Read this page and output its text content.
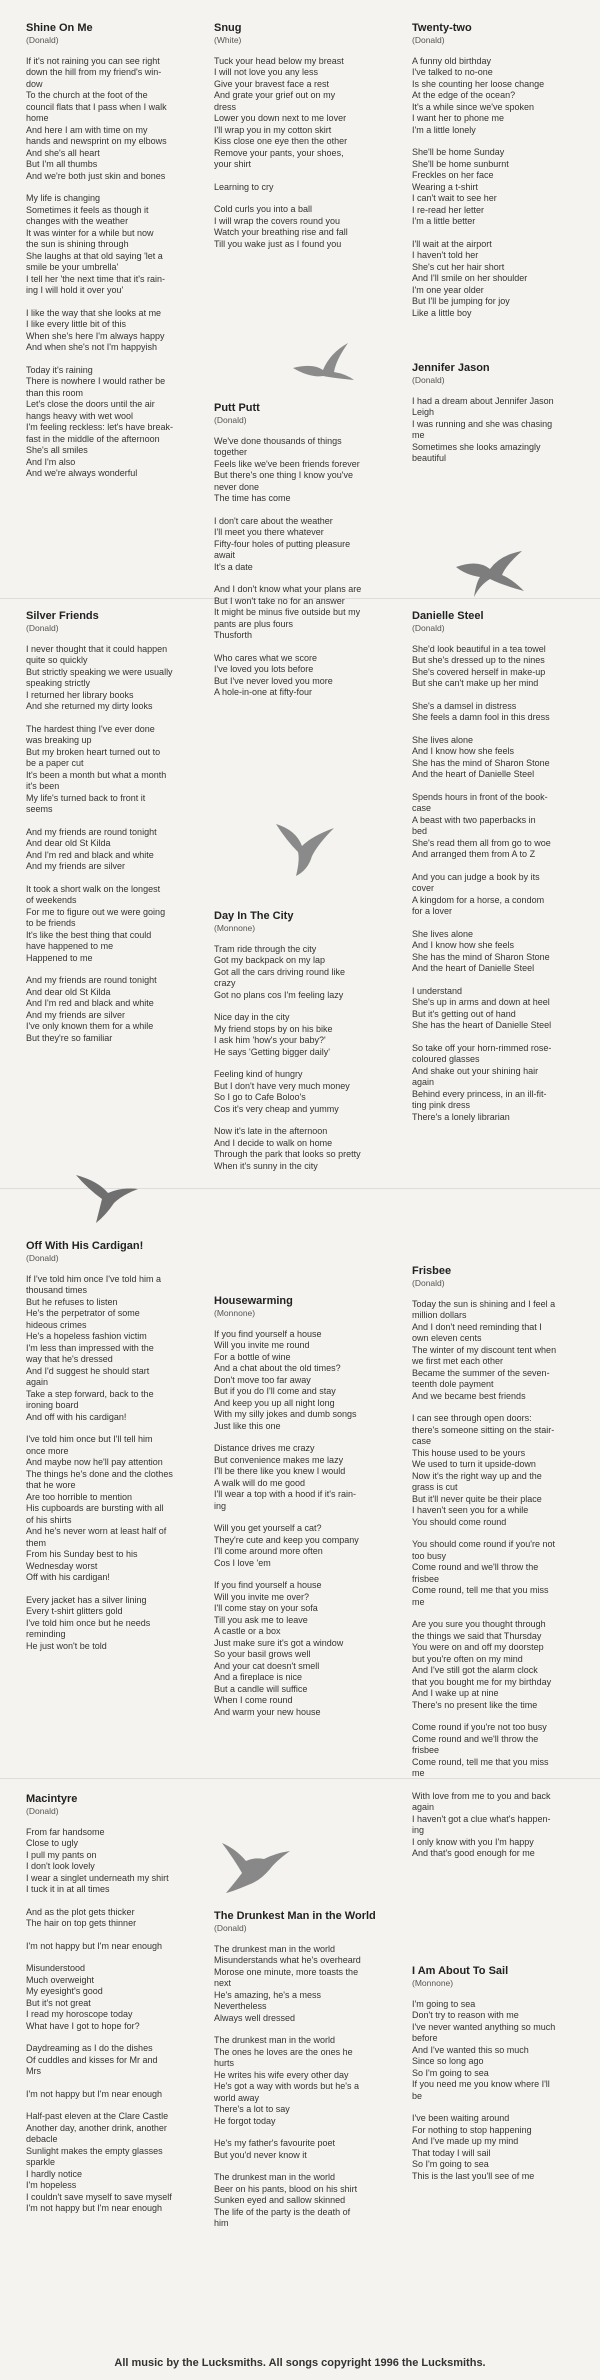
Shine On Me
(Donald)
If it's not raining you can see right
down the hill from my friend's win-
dow
To the church at the foot of the
council flats that I pass when I walk
home
And here I am with time on my
hands and newsprint on my elbows
And she's all heart
But I'm all thumbs
And we're both just skin and bones
My life is changing
Sometimes it feels as though it
changes with the weather
It was winter for a while but now
the sun is shining through
She laughs at that old saying 'let a
smile be your umbrella'
I tell her 'the next time that it's rain-
ing I will hold it over you'
I like the way that she looks at me
I like every little bit of this
When she's here I'm always happy
And when she's not I'm happyish
Today it's raining
There is nowhere I would rather be
than this room
Let's close the doors until the air
hangs heavy with wet wool
I'm feeling reckless: let's have break-
fast in the middle of the afternoon
She's all smiles
And I'm also
And we're always wonderful
Silver Friends
(Donald)
I never thought that it could happen
quite so quickly
But strictly speaking we were usually
speaking strictly
I returned her library books
And she returned my dirty looks
The hardest thing I've ever done
was breaking up
But my broken heart turned out to
be a paper cut
It's been a month but what a month
it's been
My life's turned back to front it
seems
And my friends are round tonight
And dear old St Kilda
And I'm red and black and white
And my friends are silver
It took a short walk on the longest
of weekends
For me to figure out we were going
to be friends
It's like the best thing that could
have happened to me
Happened to me
And my friends are round tonight
And dear old St Kilda
And I'm red and black and white
And my friends are silver
I've only known them for a while
But they're so familiar
Off With His Cardigan!
(Donald)
If I've told him once I've told him a
thousand times
But he refuses to listen
He's the perpetrator of some
hideous crimes
He's a hopeless fashion victim
I'm less than impressed with the
way that he's dressed
And I'd suggest he should start
again
Take a step forward, back to the
ironing board
And off with his cardigan!
I've told him once but I'll tell him
once more
And maybe now he'll pay attention
The things he's done and the clothes
that he wore
Are too horrible to mention
His cupboards are bursting with all
of his shirts
And he's never worn at least half of
them
From his Sunday best to his
Wednesday worst
Off with his cardigan!
Every jacket has a silver lining
Every t-shirt glitters gold
I've told him once but he needs
reminding
He just won't be told
Macintyre
(Donald)
From far handsome
Close to ugly
I pull my pants on
I don't look lovely
I wear a singlet underneath my shirt
I tuck it in at all times
And as the plot gets thicker
The hair on top gets thinner
I'm not happy but I'm near enough
Misunderstood
Much overweight
My eyesight's good
But it's not great
I read my horoscope today
What have I got to hope for?
Daydreaming as I do the dishes
Of cuddles and kisses for Mr and
Mrs
I'm not happy but I'm near enough
Half-past eleven at the Clare Castle
Another day, another drink, another
debacle
Sunlight makes the empty glasses
sparkle
I hardly notice
I'm hopeless
I couldn't save myself to save myself
I'm not happy but I'm near enough
Snug
(White)
Tuck your head below my breast
I will not love you any less
Give your bravest face a rest
And grate your grief out on my
dress
Lower you down next to me lover
I'll wrap you in my cotton skirt
Kiss close one eye then the other
Remove your pants, your shoes,
your shirt
Learning to cry
Cold curls you into a ball
I will wrap the covers round you
Watch your breathing rise and fall
Till you wake just as I found you
Putt Putt
(Donald)
We've done thousands of things
together
Feels like we've been friends forever
But there's one thing I know you've
never done
The time has come
I don't care about the weather
I'll meet you there whatever
Fifty-four holes of putting pleasure
await
It's a date
And I don't know what your plans are
But I won't take no for an answer
It might be minus five outside but my
pants are plus fours
Thusforth
Who cares what we score
I've loved you lots before
But I've never loved you more
A hole-in-one at fifty-four
Day In The City
(Monnone)
Tram ride through the city
Got my backpack on my lap
Got all the cars driving round like
crazy
Got no plans cos I'm feeling lazy
Nice day in the city
My friend stops by on his bike
I ask him 'how's your baby?'
He says 'Getting bigger daily'
Feeling kind of hungry
But I don't have very much money
So I go to Cafe Boloo's
Cos it's very cheap and yummy
Now it's late in the afternoon
And I decide to walk on home
Through the park that looks so pretty
When it's sunny in the city
Housewarming
(Monnone)
If you find yourself a house
Will you invite me round
For a bottle of wine
And a chat about the old times?
Don't move too far away
But if you do I'll come and stay
And keep you up all night long
With my silly jokes and dumb songs
Just like this one
Distance drives me crazy
But convenience makes me lazy
I'll be there like you knew I would
A walk will do me good
I'll wear a top with a hood if it's rain-
ing
Will you get yourself a cat?
They're cute and keep you company
I'll come around more often
Cos I love 'em
If you find yourself a house
Will you invite me over?
I'll come stay on your sofa
Till you ask me to leave
A castle or a box
Just make sure it's got a window
So your basil grows well
And your cat doesn't smell
And a fireplace is nice
But a candle will suffice
When I come round
And warm your new house
The Drunkest Man in the World
(Donald)
The drunkest man in the world
Misunderstands what he's overheard
Morose one minute, more toasts the
next
He's amazing, he's a mess
Nevertheless
Always well dressed
The drunkest man in the world
The ones he loves are the ones he
hurts
He writes his wife every other day
He's got a way with words but he's a
world away
There's a lot to say
He forgot today
He's my father's favourite poet
But you'd never know it
The drunkest man in the world
Beer on his pants, blood on his shirt
Sunken eyed and sallow skinned
The life of the party is the death of
him
Twenty-two
(Donald)
A funny old birthday
I've talked to no-one
Is she counting her loose change
At the edge of the ocean?
It's a while since we've spoken
I want her to phone me
I'm a little lonely
She'll be home Sunday
She'll be home sunburnt
Freckles on her face
Wearing a t-shirt
I can't wait to see her
I re-read her letter
I'm a little better
I'll wait at the airport
I haven't told her
She's cut her hair short
And I'll smile on her shoulder
I'm one year older
But I'll be jumping for joy
Like a little boy
Jennifer Jason
(Donald)
I had a dream about Jennifer Jason
Leigh
I was running and she was chasing
me
Sometimes she looks amazingly
beautiful
Danielle Steel
(Donald)
She'd look beautiful in a tea towel
But she's dressed up to the nines
She's covered herself in make-up
But she can't make up her mind
She's a damsel in distress
She feels a damn fool in this dress
She lives alone
And I know how she feels
She has the mind of Sharon Stone
And the heart of Danielle Steel
Spends hours in front of the book-
case
A beast with two paperbacks in
bed
She's read them all from go to woe
And arranged them from A to Z
And you can judge a book by its
cover
A kingdom for a horse, a condom
for a lover
She lives alone
And I know how she feels
She has the mind of Sharon Stone
And the heart of Danielle Steel
I understand
She's up in arms and down at heel
But it's getting out of hand
She has the heart of Danielle Steel
So take off your horn-rimmed rose-
coloured glasses
And shake out your shining hair
again
Behind every princess, in an ill-fit-
ting pink dress
There's a lonely librarian
Frisbee
(Donald)
Today the sun is shining and I feel a
million dollars
And I don't need reminding that I
own eleven cents
The winter of my discount tent when
we first met each other
Became the summer of the seven-
teenth dole payment
And we became best friends
I can see through open doors:
there's someone sitting on the stair-
case
This house used to be yours
We used to turn it upside-down
Now it's the right way up and the
grass is cut
But it'll never quite be their place
I haven't seen you for a while
You should come round
You should come round if you're not
too busy
Come round and we'll throw the
frisbee
Come round, tell me that you miss
me
Are you sure you thought through
the things we said that Thursday
You were on and off my doorstep
but you're often on my mind
And I've still got the alarm clock
that you bought me for my birthday
And I wake up at nine
There's no present like the time
Come round if you're not too busy
Come round and we'll throw the
frisbee
Come round, tell me that you miss
me
With love from me to you and back
again
I haven't got a clue what's happen-
ing
I only know with you I'm happy
And that's good enough for me
I Am About To Sail
(Monnone)
I'm going to sea
Don't try to reason with me
I've never wanted anything so much
before
And I've wanted this so much
Since so long ago
So I'm going to sea
If you need me you know where I'll
be
I've been waiting around
For nothing to stop happening
And I've made up my mind
That today I will sail
So I'm going to sea
This is the last you'll see of me
All music by the Lucksmiths. All songs copyright 1996 the Lucksmiths.
